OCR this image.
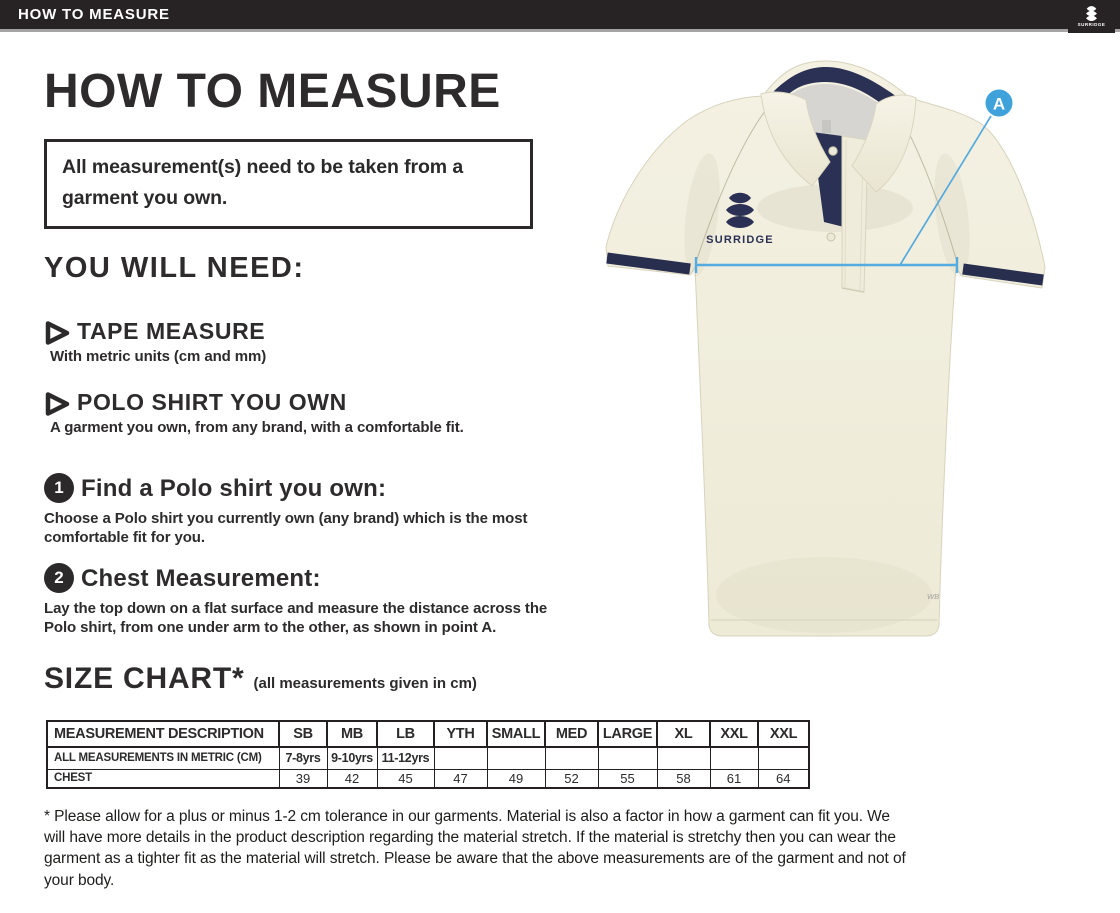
HOW TO MEASURE
SURRIDGE
HOW TO MEASURE

All measurement(s) need to be taken from a garment you own.

YOU WILL NEED:
TAPE MEASURE

With metric units (cm and mm)

POLO SHIRT YOU OWN

A garment you own, from any brand, with a comfortable fit.

1 Find a Polo shirt you own:

Choose a Polo shirt you currently own (any brand) which is the most comfortable fit for you.

2 Chest Measurement:

Lay the top down on a flat surface and measure the distance across the Polo shirt, from one under arm to the other, as shown in point A.

SIZE CHART* (all measurements given in cm)
MEASUREMENT DESCRIPTION	SB	MB	LB	YTH	SMALL	MED	LARGE	XL	XXL	XXL
ALL MEASUREMENTS IN METRIC (CM)	7-8yrs	9-10yrs	11-12yrs							
CHEST	39	42	45	47	49	52	55	58	61	64

* Please allow for a plus or minus 1-2 cm tolerance in our garments. Material is also a factor in how a garment can fit you. We will have more details in the product description regarding the material stretch. If the material is stretchy then you can wear the garment as a tighter fit as the material will stretch. Please be aware that the above measurements are of the garment and not of your body.

SURRIDGE
WB
A
